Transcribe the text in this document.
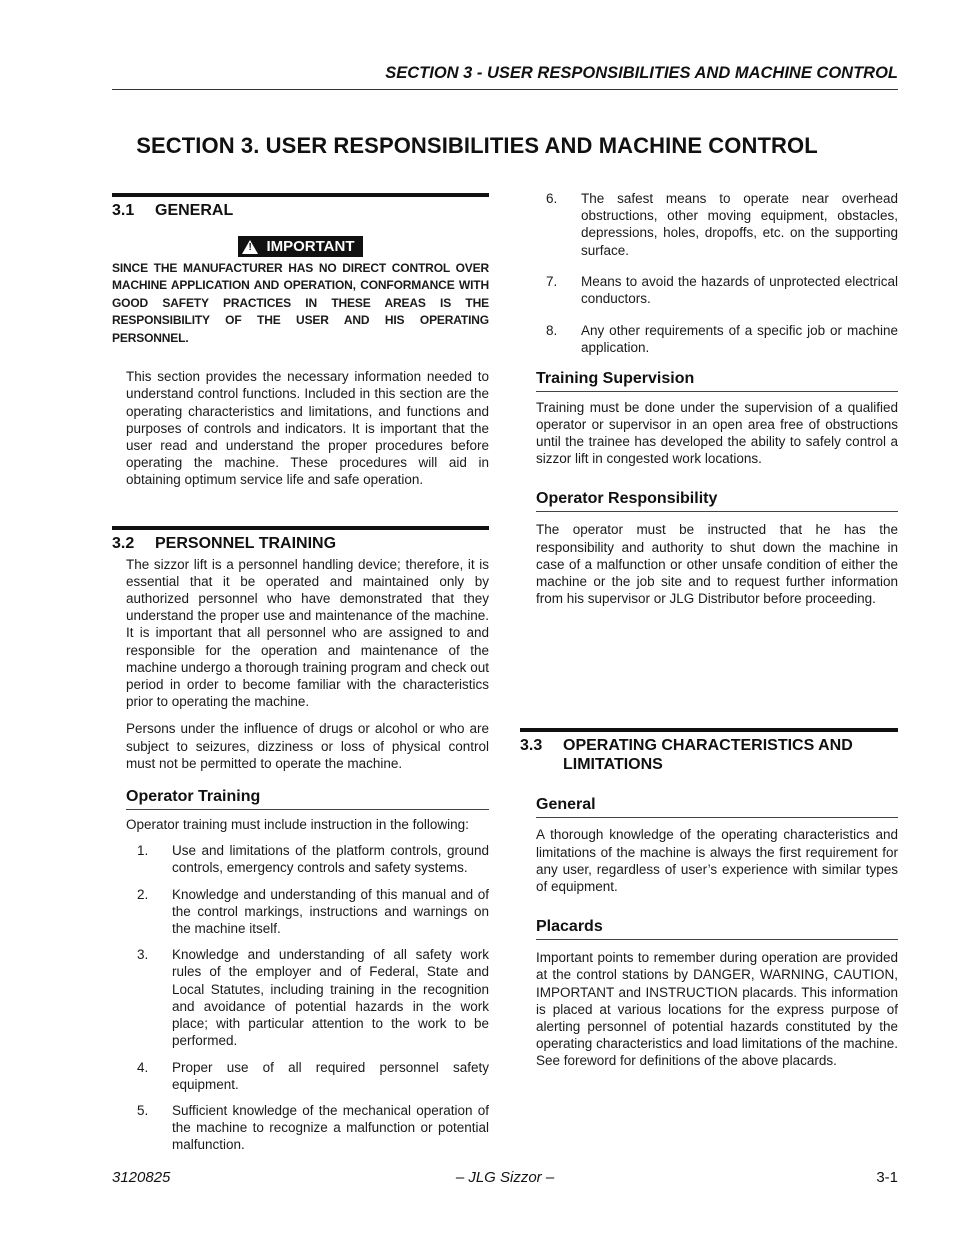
SECTION 3 - USER RESPONSIBILITIES AND MACHINE CONTROL
SECTION 3. USER RESPONSIBILITIES AND MACHINE CONTROL
3.1	GENERAL
! IMPORTANT

SINCE THE MANUFACTURER HAS NO DIRECT CONTROL OVER MACHINE APPLICATION AND OPERATION, CONFORMANCE WITH GOOD SAFETY PRACTICES IN THESE AREAS IS THE RESPONSIBILITY OF THE USER AND HIS OPERATING PERSONNEL.

This section provides the necessary information needed to understand control functions. Included in this section are the operating characteristics and limitations, and functions and purposes of controls and indicators. It is important that the user read and understand the proper procedures before operating the machine. These procedures will aid in obtaining optimum service life and safe operation.

3.2	PERSONNEL TRAINING

The sizzor lift is a personnel handling device; therefore, it is essential that it be operated and maintained only by authorized personnel who have demonstrated that they understand the proper use and maintenance of the machine. It is important that all personnel who are assigned to and responsible for the operation and maintenance of the machine undergo a thorough training program and check out period in order to become familiar with the characteristics prior to operating the machine.

Persons under the influence of drugs or alcohol or who are subject to seizures, dizziness or loss of physical control must not be permitted to operate the machine.

Operator Training

Operator training must include instruction in the following:

1.	Use and limitations of the platform controls, ground controls, emergency controls and safety systems.
2.	Knowledge and understanding of this manual and of the control markings, instructions and warnings on the machine itself.
3.	Knowledge and understanding of all safety work rules of the employer and of Federal, State and Local Statutes, including training in the recognition and avoidance of potential hazards in the work place; with particular attention to the work to be performed.
4.	Proper use of all required personnel safety equipment.
5.	Sufficient knowledge of the mechanical operation of the machine to recognize a malfunction or potential malfunction.
6.	The safest means to operate near overhead obstructions, other moving equipment, obstacles, depressions, holes, dropoffs, etc. on the supporting surface.
7.	Means to avoid the hazards of unprotected electrical conductors.
8.	Any other requirements of a specific job or machine application.
Training Supervision

Training must be done under the supervision of a qualified operator or supervisor in an open area free of obstructions until the trainee has developed the ability to safely control a sizzor lift in congested work locations.

Operator Responsibility

The operator must be instructed that he has the responsibility and authority to shut down the machine in case of a malfunction or other unsafe condition of either the machine or the job site and to request further information from his supervisor or JLG Distributor before proceeding.

3.3	OPERATING CHARACTERISTICS AND LIMITATIONS
General

A thorough knowledge of the operating characteristics and limitations of the machine is always the first requirement for any user, regardless of user’s experience with similar types of equipment.

Placards

Important points to remember during operation are provided at the control stations by DANGER, WARNING, CAUTION, IMPORTANT and INSTRUCTION placards. This information is placed at various locations for the express purpose of alerting personnel of potential hazards constituted by the operating characteristics and load limitations of the machine. See foreword for definitions of the above placards.

3120825	– JLG Sizzor –	3-1
